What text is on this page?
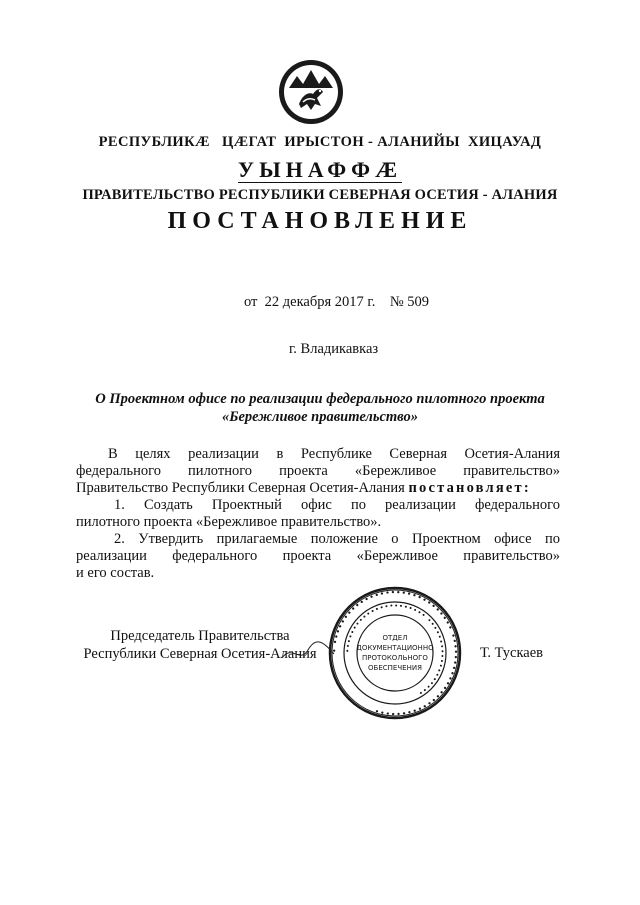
РЕСПУБЛИКÆ   ЦÆГАТ  ИРЫСТОН - АЛАНИЙЫ  ХИЦАУАД
УЫНАФФÆ
ПРАВИТЕЛЬСТВО РЕСПУБЛИКИ СЕВЕРНАЯ ОСЕТИЯ - АЛАНИЯ
ПОСТАНОВЛЕНИЕ
от  22 декабря 2017 г.    № 509
г. Владикавказ
О Проектном офисе по реализации федерального пилотного проекта
«Бережливое правительство»
В целях реализации в Республике Северная Осетия-Алания
федерального пилотного проекта «Бережливое правительство»
Правительство Республики Северная Осетия-Алания постановляет:
1. Создать Проектный офис по реализации федерального
пилотного проекта «Бережливое правительство».
2. Утвердить прилагаемые положение о Проектном офисе по
реализации федерального проекта «Бережливое правительство»
и его состав.
Председатель Правительства
Республики Северная Осетия-Алания	• ••••••••••••••••••••••••••••• •••••••••••••••••••••••••
•••••••••••••••••••••• ••••••••••••••••••
ОТДЕЛ
ДОКУМЕНТАЦИОННО
ПРОТОКОЛЬНОГО
ОБЕСПЕЧЕНИЯ
Т. Тускаев
